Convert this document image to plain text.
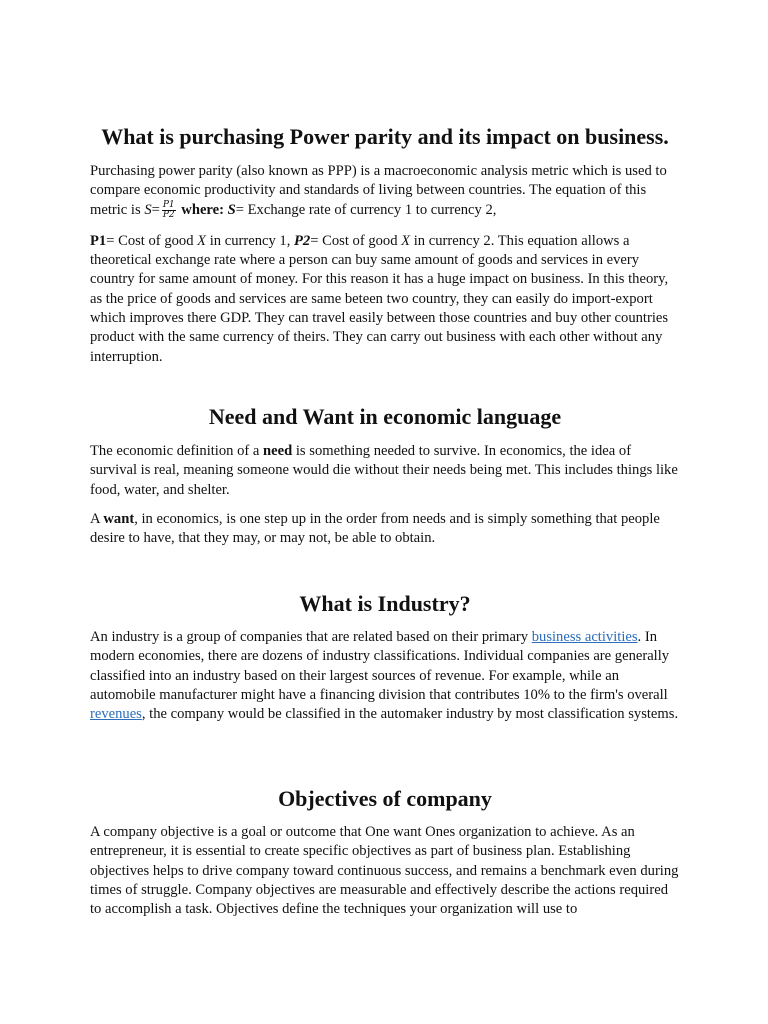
What is purchasing Power parity and its impact on business.

Purchasing power parity (also known as PPP) is a macroeconomic analysis metric which is used to compare economic productivity and standards of living between countries. The equation of this metric is $S= \frac{P1}{P2}$ where: S= Exchange rate of currency 1 to currency 2,

P1= Cost of good X in currency 1, P2= Cost of good X in currency 2. This equation allows a theoretical exchange rate where a person can buy same amount of goods and services in every country for same amount of money. For this reason it has a huge impact on business. In this theory, as the price of goods and services are same beteen two country, they can easily do import-export which improves there GDP. They can travel easily between those countries and buy other countries product with the same currency of theirs. They can carry out business with each other without any interruption.

Need and Want in economic language

The economic definition of a need is something needed to survive. In economics, the idea of survival is real, meaning someone would die without their needs being met. This includes things like food, water, and shelter.

A want, in economics, is one step up in the order from needs and is simply something that people desire to have, that they may, or may not, be able to obtain.

What is Industry?

An industry is a group of companies that are related based on their primary business activities. In modern economies, there are dozens of industry classifications. Individual companies are generally classified into an industry based on their largest sources of revenue. For example, while an automobile manufacturer might have a financing division that contributes 10% to the firm's overall revenues, the company would be classified in the automaker industry by most classification systems.

Objectives of company

A company objective is a goal or outcome that One want Ones organization to achieve. As an entrepreneur, it is essential to create specific objectives as part of business plan. Establishing objectives helps to drive company toward continuous success, and remains a benchmark even during times of struggle. Company objectives are measurable and effectively describe the actions required to accomplish a task. Objectives define the techniques your organization will use to
